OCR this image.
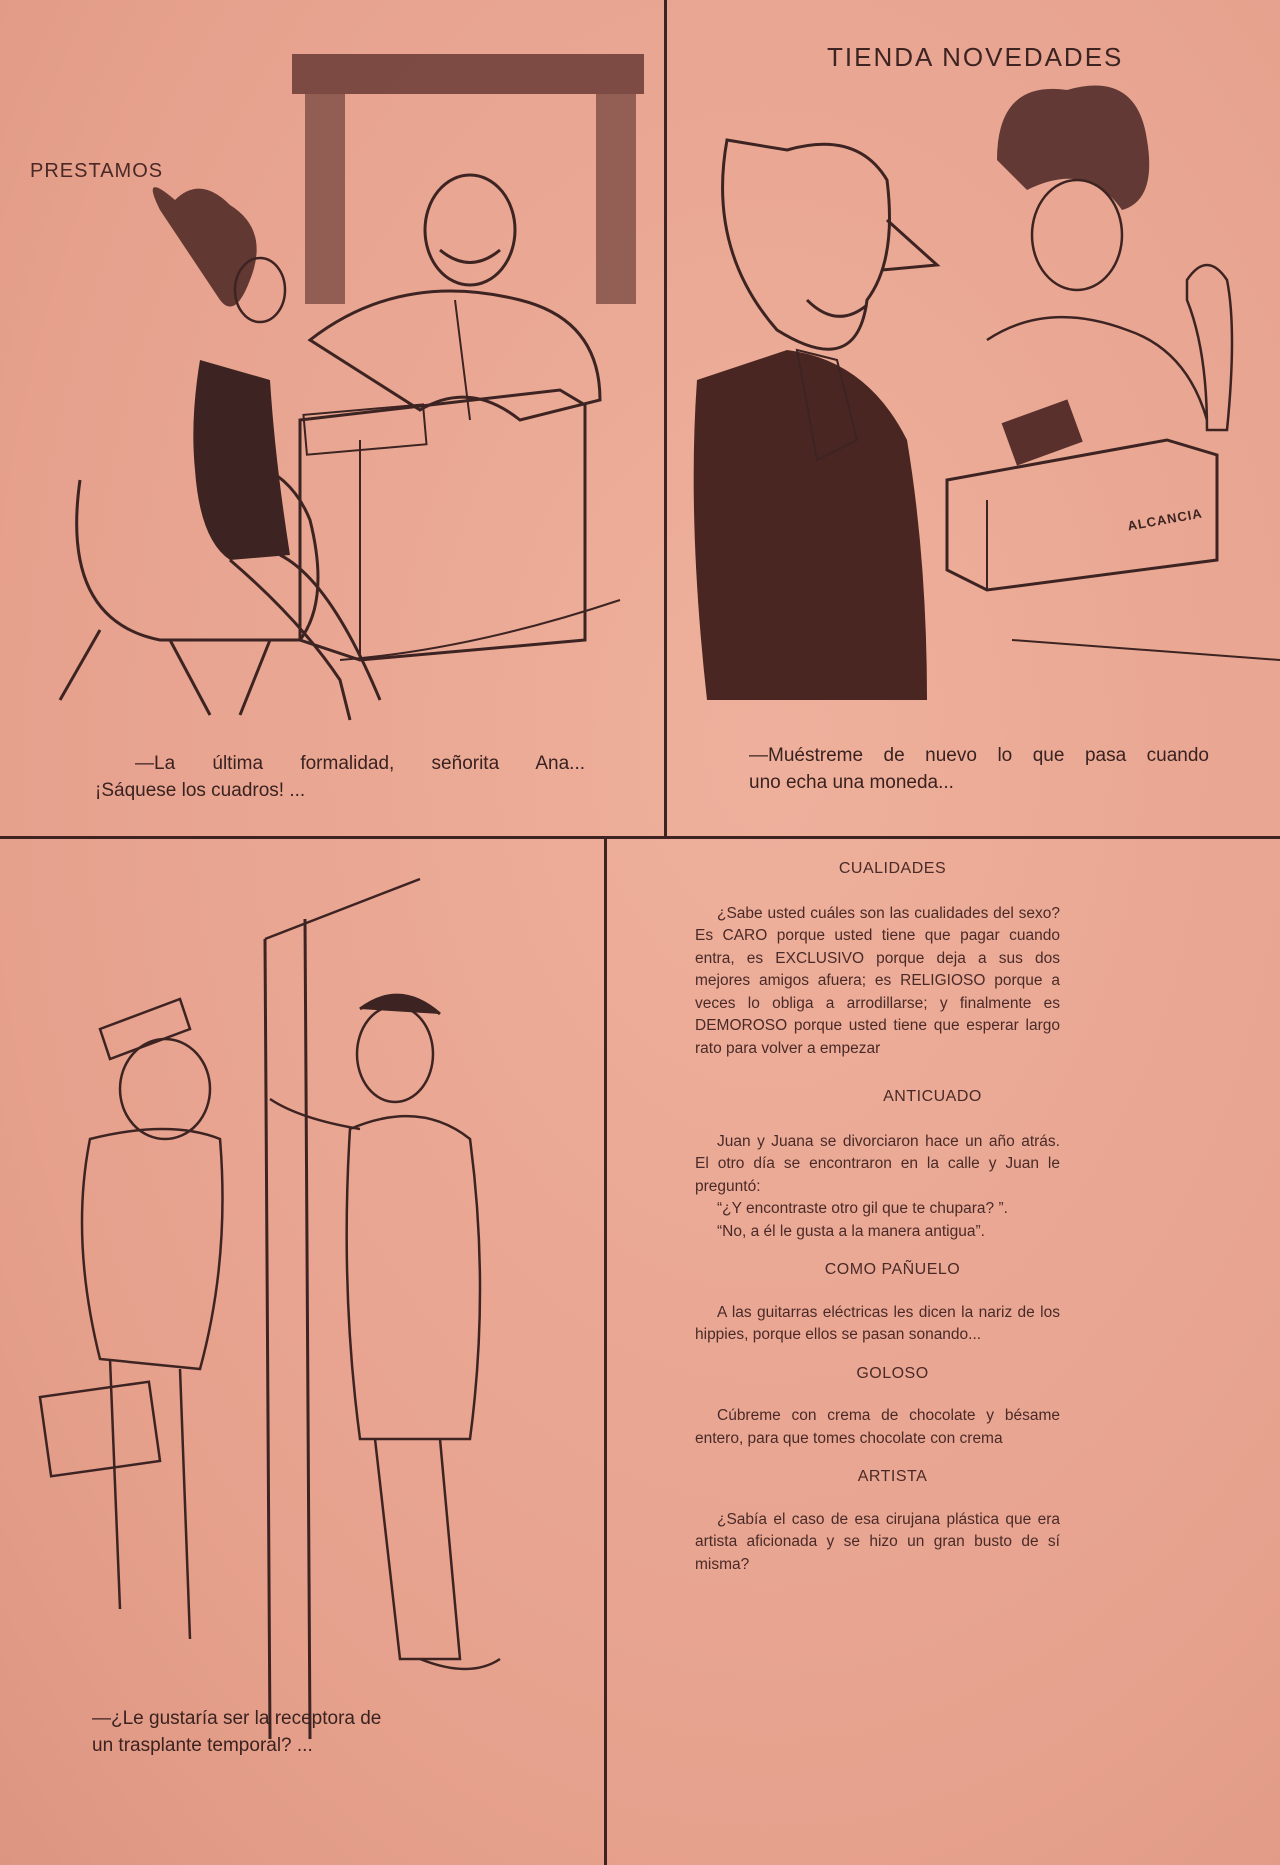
PRESTAMOS

—La última formalidad, señorita Ana...

¡Sáquese los cuadros! ...

TIENDA NOVEDADES
ALCANCIA

—Muéstreme de nuevo lo que pasa cuando

uno echa una moneda...

—¿Le gustaría ser la receptora de

un trasplante temporal? ...

CUALIDADES

¿Sabe usted cuáles son las cualidades del sexo? Es CARO porque usted tiene que pagar cuando entra, es EXCLUSIVO porque deja a sus dos mejores amigos afuera; es RELIGIOSO porque a veces lo obliga a arrodillarse; y finalmente es DEMOROSO porque usted tiene que esperar largo rato para volver a empezar

ANTICUADO

Juan y Juana se divorciaron hace un año atrás. El otro día se encontraron en la calle y Juan le preguntó:

“¿Y encontraste otro gil que te chupara? ”.

“No, a él le gusta a la manera antigua”.

COMO PAÑUELO

A las guitarras eléctricas les dicen la nariz de los hippies, porque ellos se pasan sonando...

GOLOSO

Cúbreme con crema de chocolate y bésame entero, para que tomes chocolate con crema

ARTISTA

¿Sabía el caso de esa cirujana plástica que era artista aficionada y se hizo un gran busto de sí misma?
